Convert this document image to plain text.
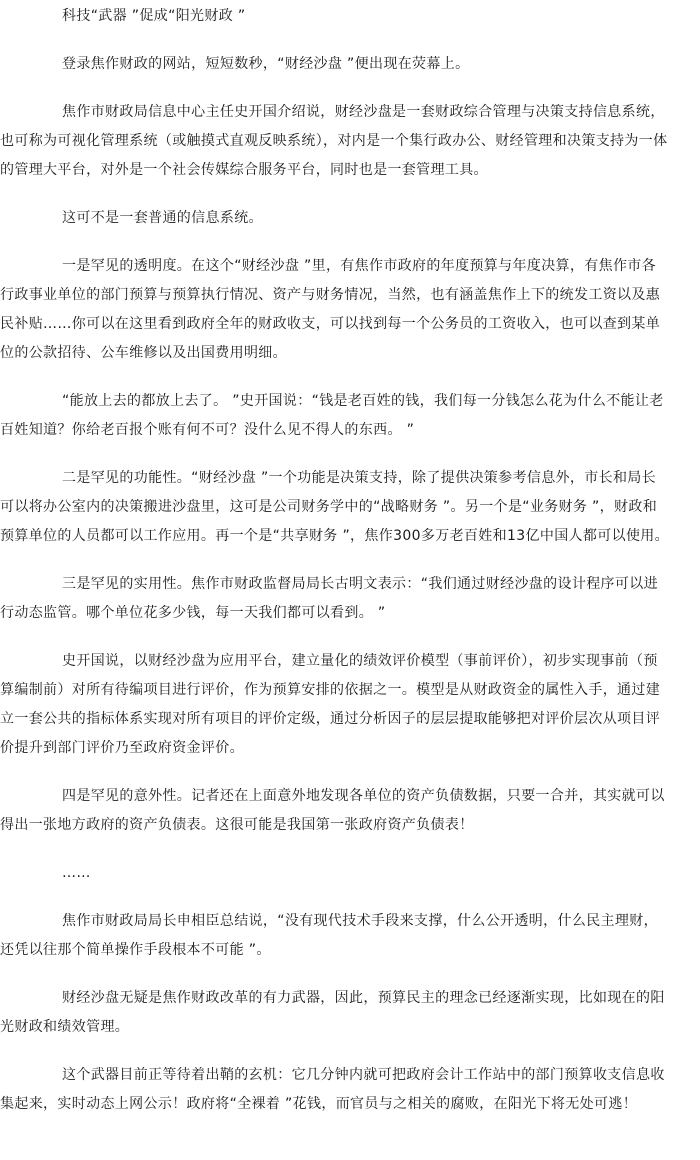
科技“武器 ”促成“阳光财政 ”

登录焦作财政的网站，短短数秒，“财经沙盘 ”便出现在荧幕上。

焦作市财政局信息中心主任史开国介绍说，财经沙盘是一套财政综合管理与决策支持信息系统，也可称为可视化管理系统（或触摸式直观反映系统），对内是一个集行政办公、财经管理和决策支持为一体的管理大平台，对外是一个社会传媒综合服务平台，同时也是一套管理工具。

这可不是一套普通的信息系统。

一是罕见的透明度。在这个“财经沙盘 ”里，有焦作市政府的年度预算与年度决算，有焦作市各行政事业单位的部门预算与预算执行情况、资产与财务情况，当然，也有涵盖焦作上下的统发工资以及惠民补贴……你可以在这里看到政府全年的财政收支，可以找到每一个公务员的工资收入，也可以查到某单位的公款招待、公车维修以及出国费用明细。

“能放上去的都放上去了。 ”史开国说：“钱是老百姓的钱，我们每一分钱怎么花为什么不能让老百姓知道？你给老百报个账有何不可？没什么见不得人的东西。 ”

二是罕见的功能性。“财经沙盘 ”一个功能是决策支持，除了提供决策参考信息外，市长和局长可以将办公室内的决策搬进沙盘里，这可是公司财务学中的“战略财务 ”。另一个是“业务财务 ”，财政和预算单位的人员都可以工作应用。再一个是“共享财务 ”，焦作300多万老百姓和13亿中国人都可以使用。

三是罕见的实用性。焦作市财政监督局局长古明文表示：“我们通过财经沙盘的设计程序可以进行动态监管。哪个单位花多少钱，每一天我们都可以看到。 ”

史开国说，以财经沙盘为应用平台，建立量化的绩效评价模型（事前评价），初步实现事前（预算编制前）对所有待编项目进行评价，作为预算安排的依据之一。模型是从财政资金的属性入手，通过建立一套公共的指标体系实现对所有项目的评价定级，通过分析因子的层层提取能够把对评价层次从项目评价提升到部门评价乃至政府资金评价。

四是罕见的意外性。记者还在上面意外地发现各单位的资产负债数据，只要一合并，其实就可以得出一张地方政府的资产负债表。这很可能是我国第一张政府资产负债表！

……

焦作市财政局局长申相臣总结说，“没有现代技术手段来支撑，什么公开透明，什么民主理财，还凭以往那个简单操作手段根本不可能 ”。

财经沙盘无疑是焦作财政改革的有力武器，因此，预算民主的理念已经逐渐实现，比如现在的阳光财政和绩效管理。

这个武器目前正等待着出鞘的玄机：它几分钟内就可把政府会计工作站中的部门预算收支信息收集起来，实时动态上网公示！政府将“全裸着 ”花钱，而官员与之相关的腐败，在阳光下将无处可逃！
